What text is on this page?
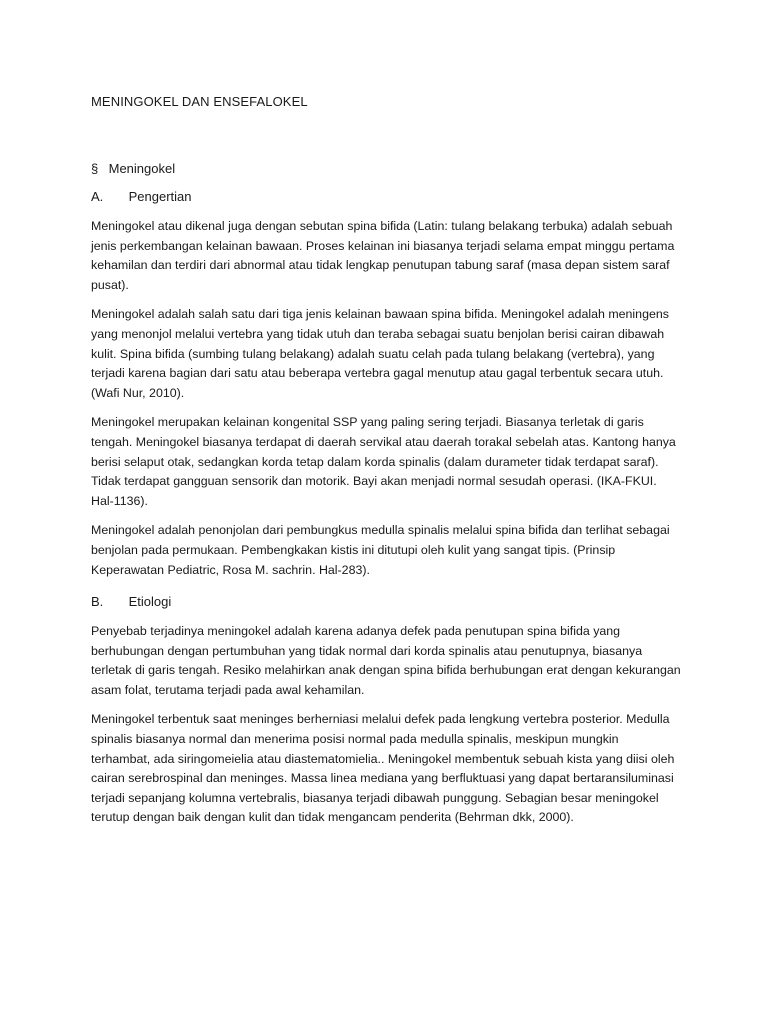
MENINGOKEL DAN ENSEFALOKEL
§ Meningokel
A. Pengertian

Meningokel atau dikenal juga dengan sebutan spina bifida (Latin: tulang belakang terbuka) adalah sebuah jenis perkembangan kelainan bawaan. Proses kelainan ini biasanya terjadi selama empat minggu pertama kehamilan dan terdiri dari abnormal atau tidak lengkap penutupan tabung saraf (masa depan sistem saraf pusat).

Meningokel adalah salah satu dari tiga jenis kelainan bawaan spina bifida. Meningokel adalah meningens yang menonjol melalui vertebra yang tidak utuh dan teraba sebagai suatu benjolan berisi cairan dibawah kulit. Spina bifida (sumbing tulang belakang) adalah suatu celah pada tulang belakang (vertebra), yang terjadi karena bagian dari satu atau beberapa vertebra gagal menutup atau gagal terbentuk secara utuh. (Wafi Nur, 2010).

Meningokel merupakan kelainan kongenital SSP yang paling sering terjadi. Biasanya terletak di garis tengah. Meningokel biasanya terdapat di daerah servikal atau daerah torakal sebelah atas. Kantong hanya berisi selaput otak, sedangkan korda tetap dalam korda spinalis (dalam durameter tidak terdapat saraf). Tidak terdapat gangguan sensorik dan motorik. Bayi akan menjadi normal sesudah operasi. (IKA-FKUI. Hal-1136).

Meningokel adalah penonjolan dari pembungkus medulla spinalis melalui spina bifida dan terlihat sebagai benjolan pada permukaan. Pembengkakan kistis ini ditutupi oleh kulit yang sangat tipis. (Prinsip Keperawatan Pediatric, Rosa M. sachrin. Hal-283).

B. Etiologi

Penyebab terjadinya meningokel adalah karena adanya defek pada penutupan spina bifida yang berhubungan dengan pertumbuhan yang tidak normal dari korda spinalis atau penutupnya, biasanya terletak di garis tengah. Resiko melahirkan anak dengan spina bifida berhubungan erat dengan kekurangan asam folat, terutama terjadi pada awal kehamilan.

Meningokel terbentuk saat meninges berherniasi melalui defek pada lengkung vertebra posterior. Medulla spinalis biasanya normal dan menerima posisi normal pada medulla spinalis, meskipun mungkin terhambat, ada siringomeielia atau diastematomielia.. Meningokel membentuk sebuah kista yang diisi oleh cairan serebrospinal dan meninges. Massa linea mediana yang berfluktuasi yang dapat bertaransiluminasi terjadi sepanjang kolumna vertebralis, biasanya terjadi dibawah punggung. Sebagian besar meningokel terutup dengan baik dengan kulit dan tidak mengancam penderita (Behrman dkk, 2000).
